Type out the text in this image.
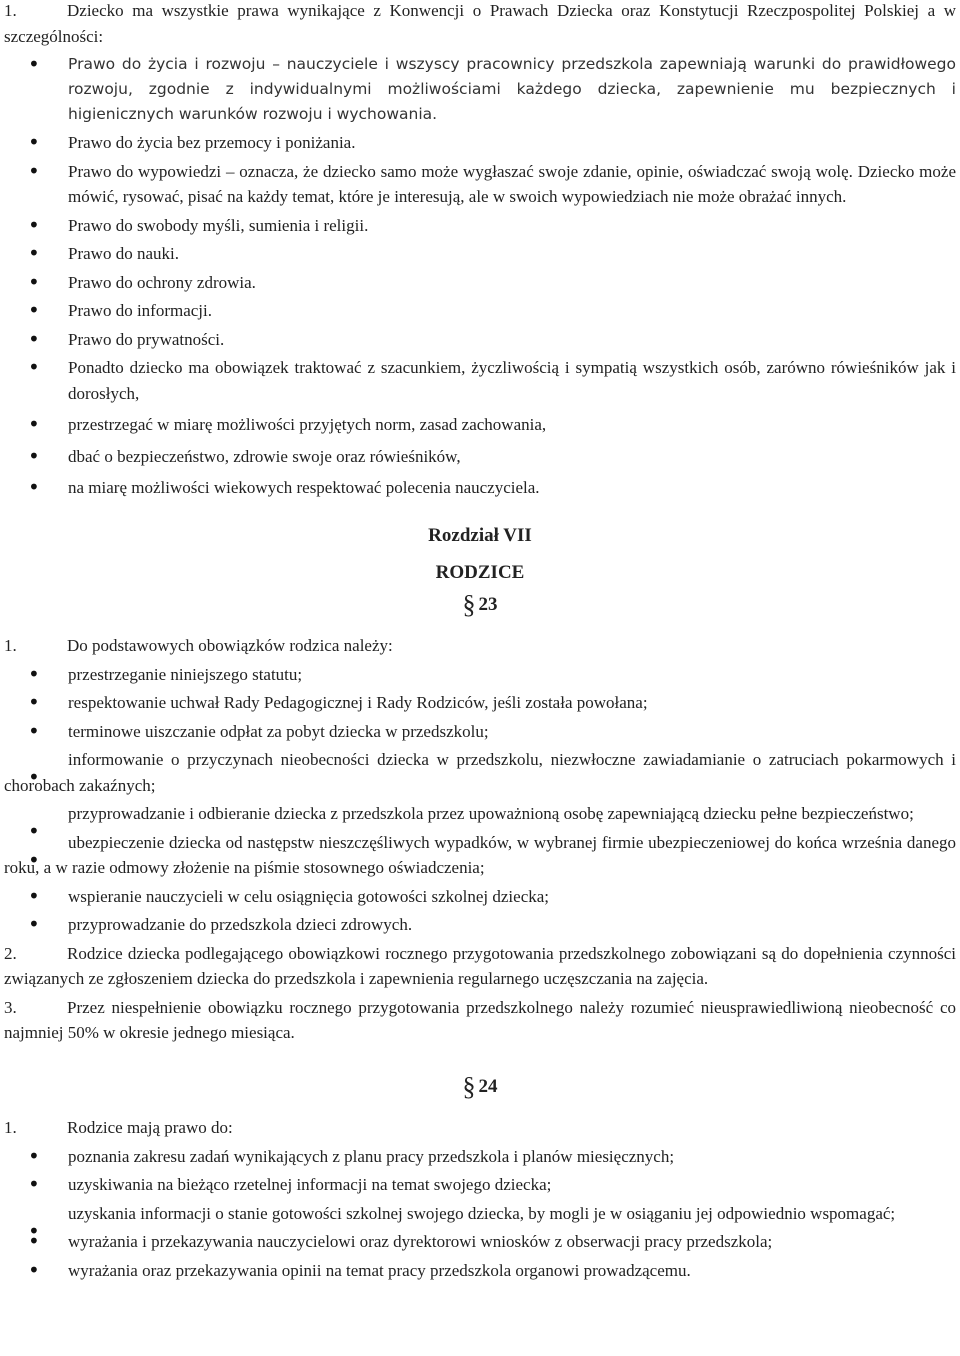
1.	Dziecko ma wszystkie prawa wynikające z Konwencji o Prawach Dziecka oraz Konstytucji Rzeczpospolitej Polskiej a w szczególności:

• Prawo do życia i rozwoju – nauczyciele i wszyscy pracownicy przedszkola zapewniają warunki do prawidłowego rozwoju, zgodnie z indywidualnymi możliwościami każdego dziecka, zapewnienie mu bezpiecznych i higienicznych warunków rozwoju i wychowania.

• Prawo do życia bez przemocy i poniżania.

• Prawo do wypowiedzi – oznacza, że dziecko samo może wygłaszać swoje zdanie, opinie, oświadczać swoją wolę. Dziecko może mówić, rysować, pisać na każdy temat, które je interesują, ale w swoich wypowiedziach nie może obrażać innych.

• Prawo do swobody myśli, sumienia i religii.

• Prawo do nauki.

• Prawo do ochrony zdrowia.

• Prawo do informacji.

• Prawo do prywatności.

• Ponadto dziecko ma obowiązek traktować z szacunkiem, życzliwością i sympatią wszystkich osób, zarówno rówieśników jak i dorosłych,

• przestrzegać w miarę możliwości przyjętych norm, zasad zachowania,

• dbać o bezpieczeństwo, zdrowie swoje oraz rówieśników,

• na miarę możliwości wiekowych respektować polecenia nauczyciela.

Rozdział VII

RODZICE

§ 23

1.	Do podstawowych obowiązków rodzica należy:

• przestrzeganie niniejszego statutu;

• respektowanie uchwał Rady Pedagogicznej i Rady Rodziców, jeśli została powołana;

• terminowe uiszczanie odpłat za pobyt dziecka w przedszkolu;

informowanie o przyczynach nieobecności dziecka w przedszkolu, niezwłoczne zawiadamianie o zatruciach pokarmowych i chorobach zakaźnych;

przyprowadzanie i odbieranie dziecka z przedszkola przez upoważnioną osobę zapewniającą dziecku pełne bezpieczeństwo;

ubezpieczenie dziecka od następstw nieszczęśliwych wypadków, w wybranej firmie ubezpieczeniowej do końca września danego roku, a w razie odmowy złożenie na piśmie stosownego oświadczenia;

• wspieranie nauczycieli w celu osiągnięcia gotowości szkolnej dziecka;

• przyprowadzanie do przedszkola dzieci zdrowych.

2.	Rodzice dziecka podlegającego obowiązkowi rocznego przygotowania przedszkolnego zobowiązani są do dopełnienia czynności związanych ze zgłoszeniem dziecka do przedszkola i zapewnienia regularnego uczęszczania na zajęcia.

3.	Przez niespełnienie obowiązku rocznego przygotowania przedszkolnego należy rozumieć nieusprawiedliwioną nieobecność co najmniej 50% w okresie jednego miesiąca.

§ 24

1.	Rodzice mają prawo do:

• poznania zakresu zadań wynikających z planu pracy przedszkola i planów miesięcznych;

• uzyskiwania na bieżąco rzetelnej informacji na temat swojego dziecka;

uzyskania informacji o stanie gotowości szkolnej swojego dziecka, by mogli je w osiąganiu jej odpowiednio wspomagać;

• wyrażania i przekazywania nauczycielowi oraz dyrektorowi wniosków z obserwacji pracy przedszkola;

• wyrażania oraz przekazywania opinii na temat pracy przedszkola organowi prowadzącemu.
